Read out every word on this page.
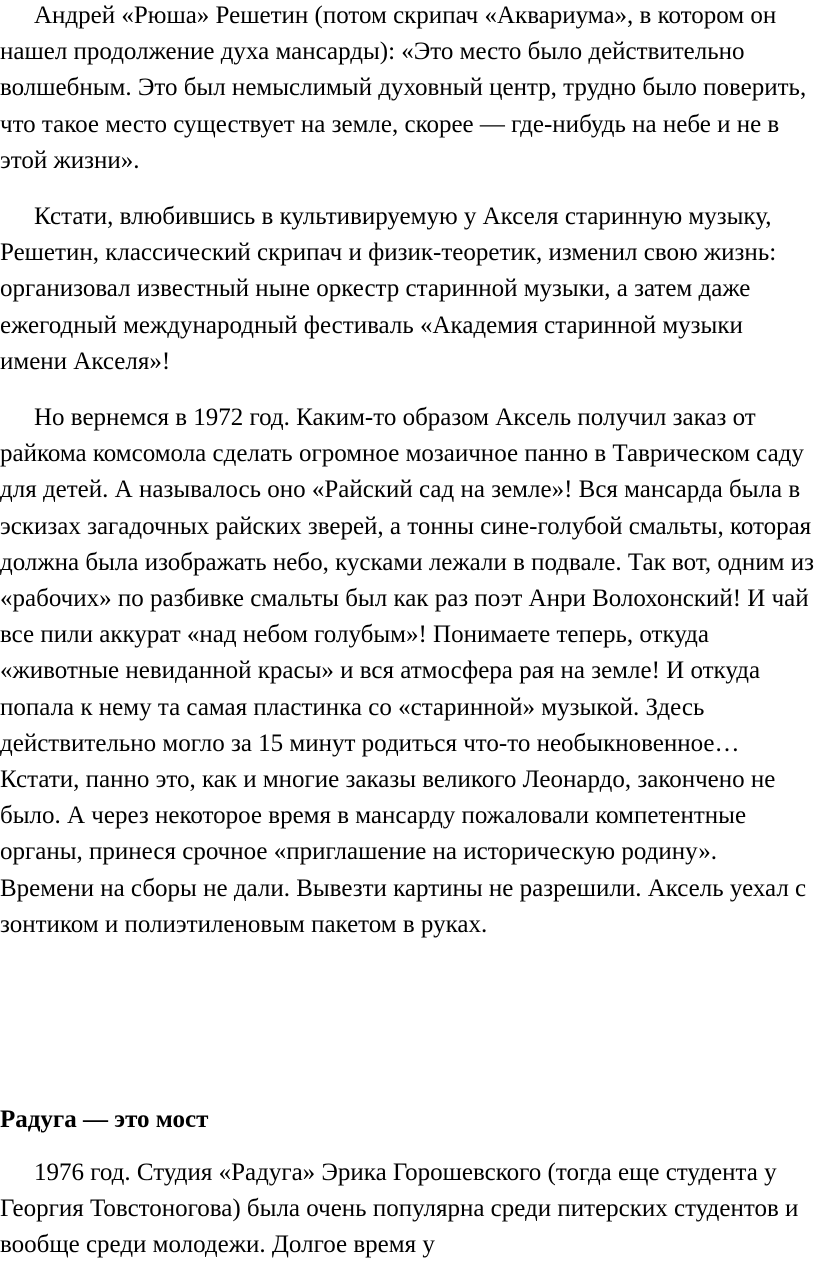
Андрей «Рюша» Решетин (потом скрипач «Аквариума», в котором он нашел продолжение духа мансарды): «Это место было действительно волшебным. Это был немыслимый духовный центр, трудно было поверить, что такое место существует на земле, скорее — где-нибудь на небе и не в этой жизни».

Кстати, влюбившись в культивируемую у Акселя старинную музыку, Решетин, классический скрипач и физик-теоретик, изменил свою жизнь: организовал известный ныне оркестр старинной музыки, а затем даже ежегодный международный фестиваль «Академия старинной музыки имени Акселя»!

Но вернемся в 1972 год. Каким-то образом Аксель получил заказ от райкома комсомола сделать огромное мозаичное панно в Таврическом саду для детей. А называлось оно «Райский сад на земле»! Вся мансарда была в эскизах загадочных райских зверей, а тонны сине-голубой смальты, которая должна была изображать небо, кусками лежали в подвале. Так вот, одним из «рабочих» по разбивке смальты был как раз поэт Анри Волохонский! И чай все пили аккурат «над небом голубым»! Понимаете теперь, откуда «животные невиданной красы» и вся атмосфера рая на земле! И откуда попала к нему та самая пластинка со «старинной» музыкой. Здесь действительно могло за 15 минут родиться что-то необыкновенное… Кстати, панно это, как и многие заказы великого Леонардо, закончено не было. А через некоторое время в мансарду пожаловали компетентные органы, принеся срочное «приглашение на историческую родину». Времени на сборы не дали. Вывезти картины не разрешили. Аксель уехал с зонтиком и полиэтиленовым пакетом в руках.

Радуга — это мост

1976 год. Студия «Радуга» Эрика Горошевского (тогда еще студента у Георгия Товстоногова) была очень популярна среди питерских студентов и вообще среди молодежи. Долгое время у
